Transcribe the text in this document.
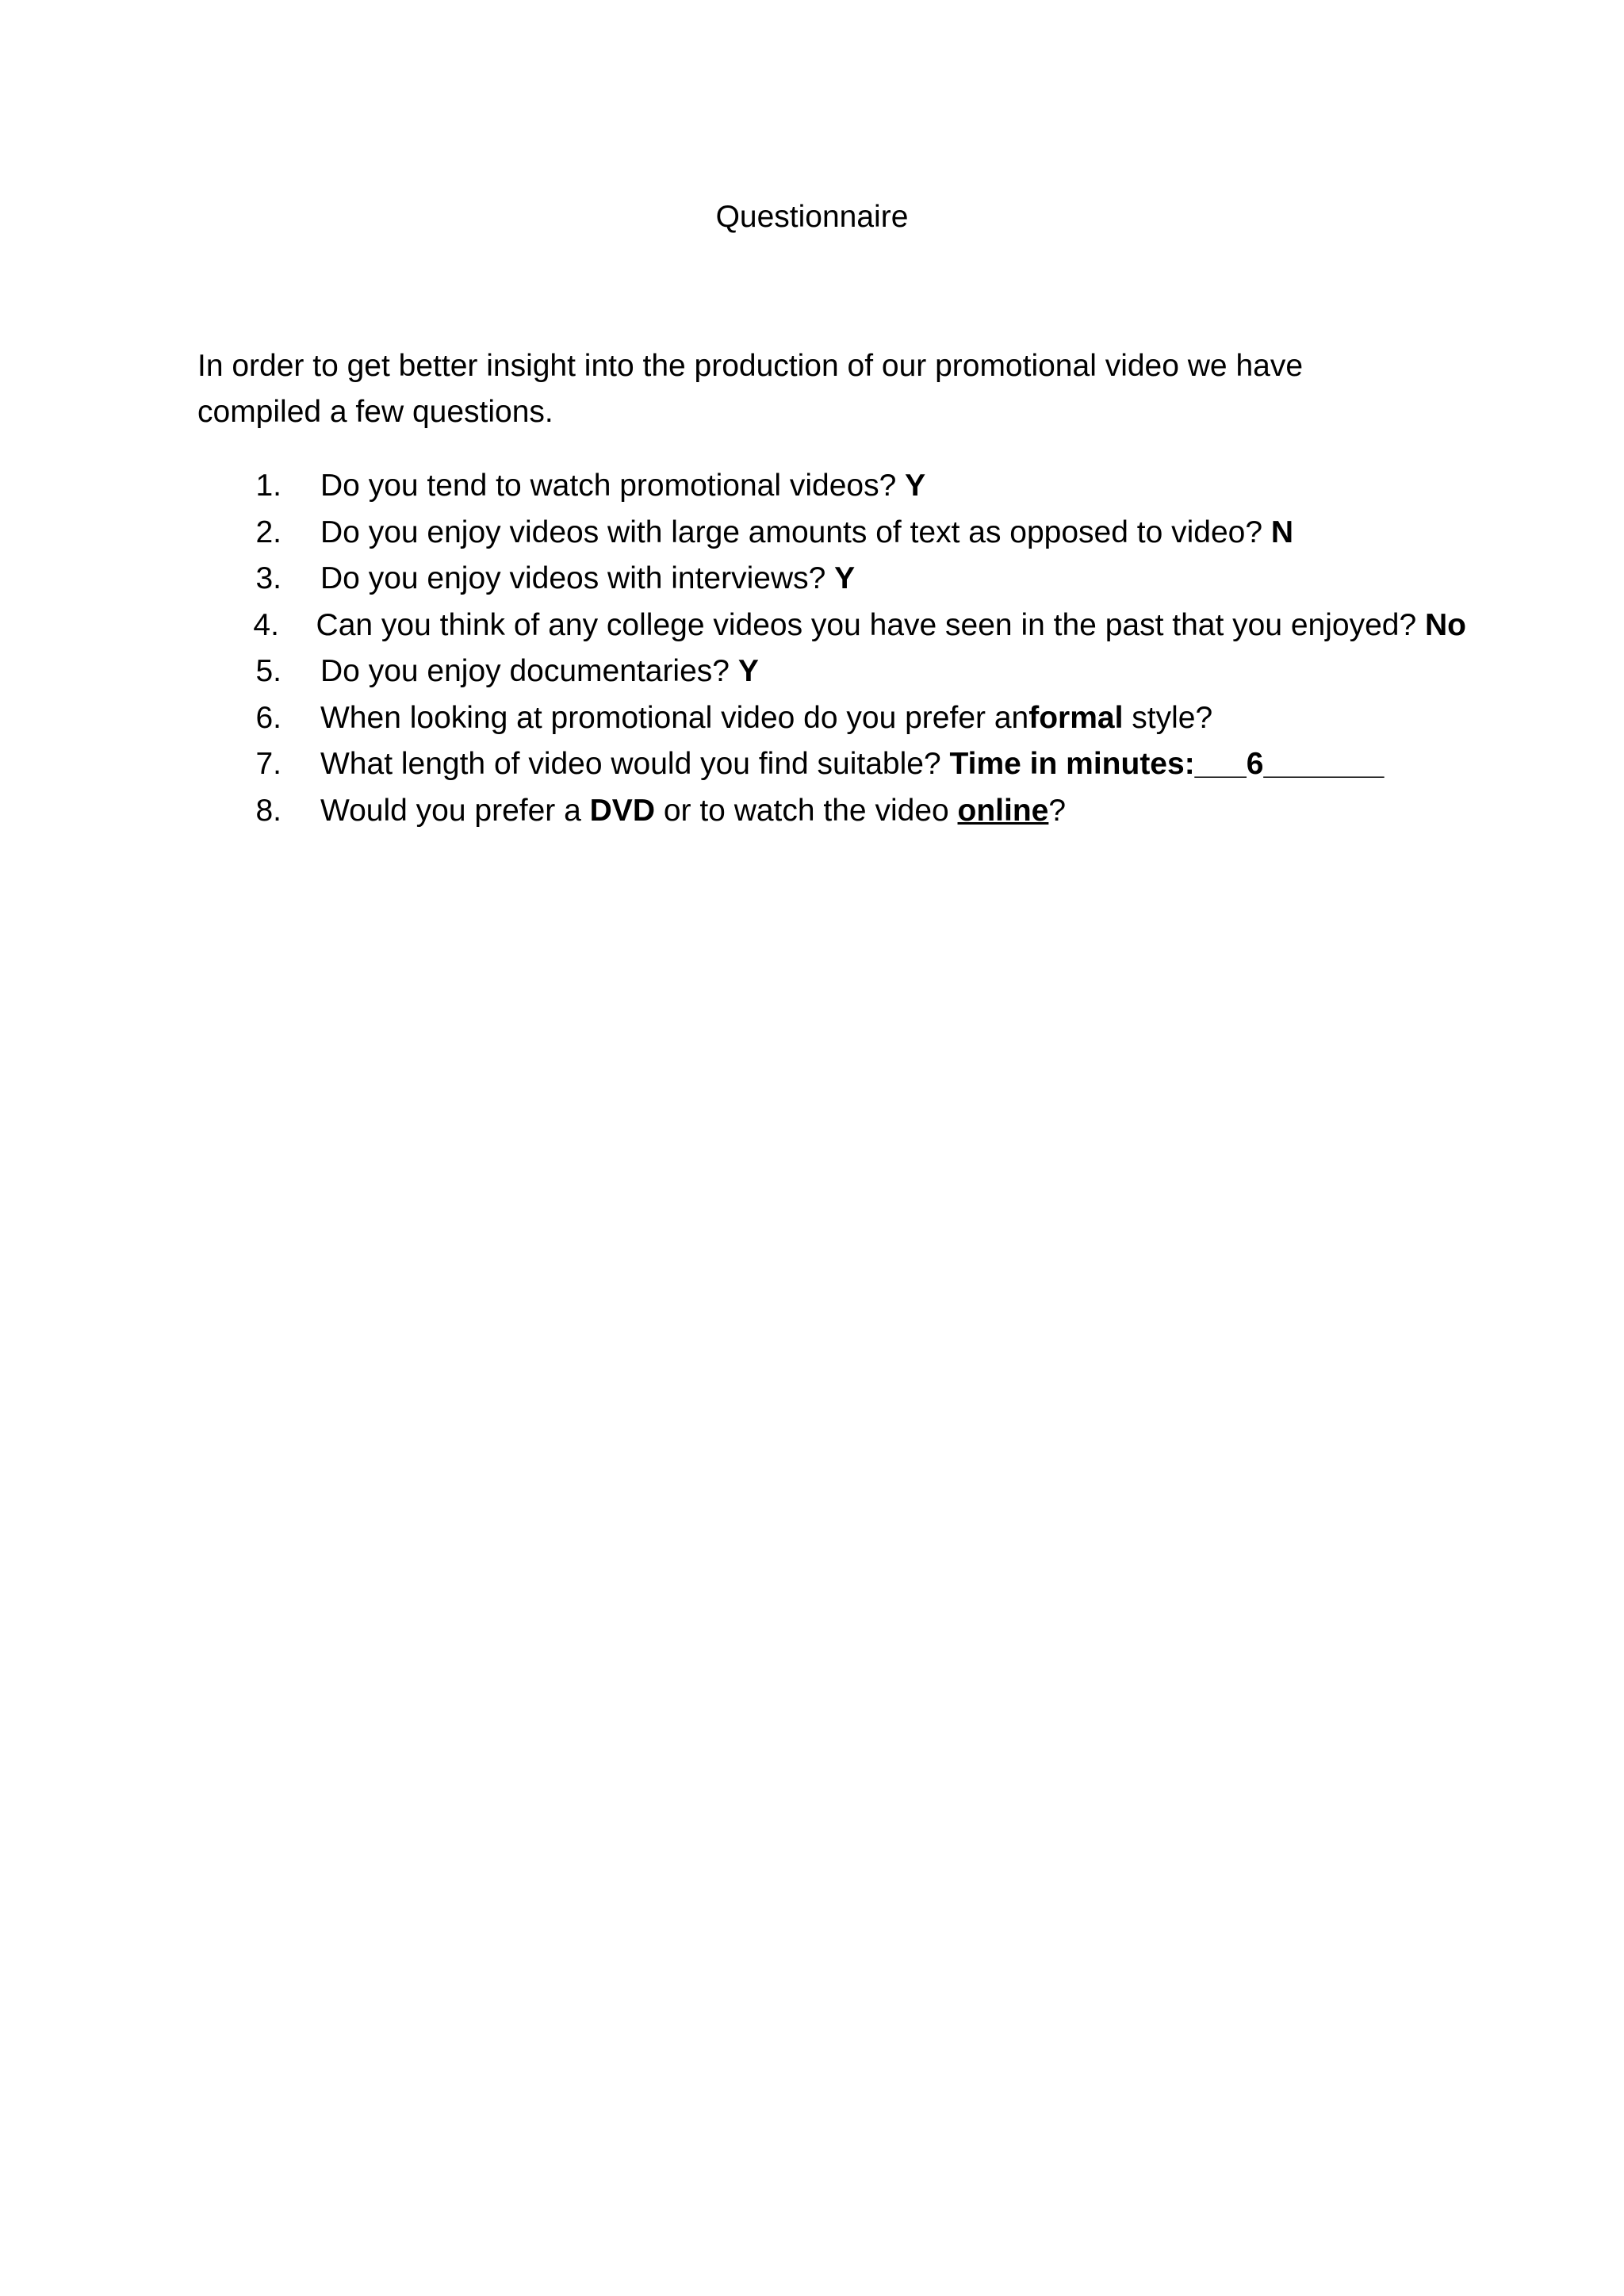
Questionnaire
In order to get better insight into the production of our promotional video we have compiled a few questions.
1. Do you tend to watch promotional videos? Y
2. Do you enjoy videos with large amounts of text as opposed to video? N
3. Do you enjoy videos with interviews? Y
4. Can you think of any college videos you have seen in the past that you enjoyed? No
5. Do you enjoy documentaries? Y
6. When looking at promotional video do you prefer anformal style?
7. What length of video would you find suitable? Time in minutes:___6_______
8. Would you prefer a DVD or to watch the video online?
